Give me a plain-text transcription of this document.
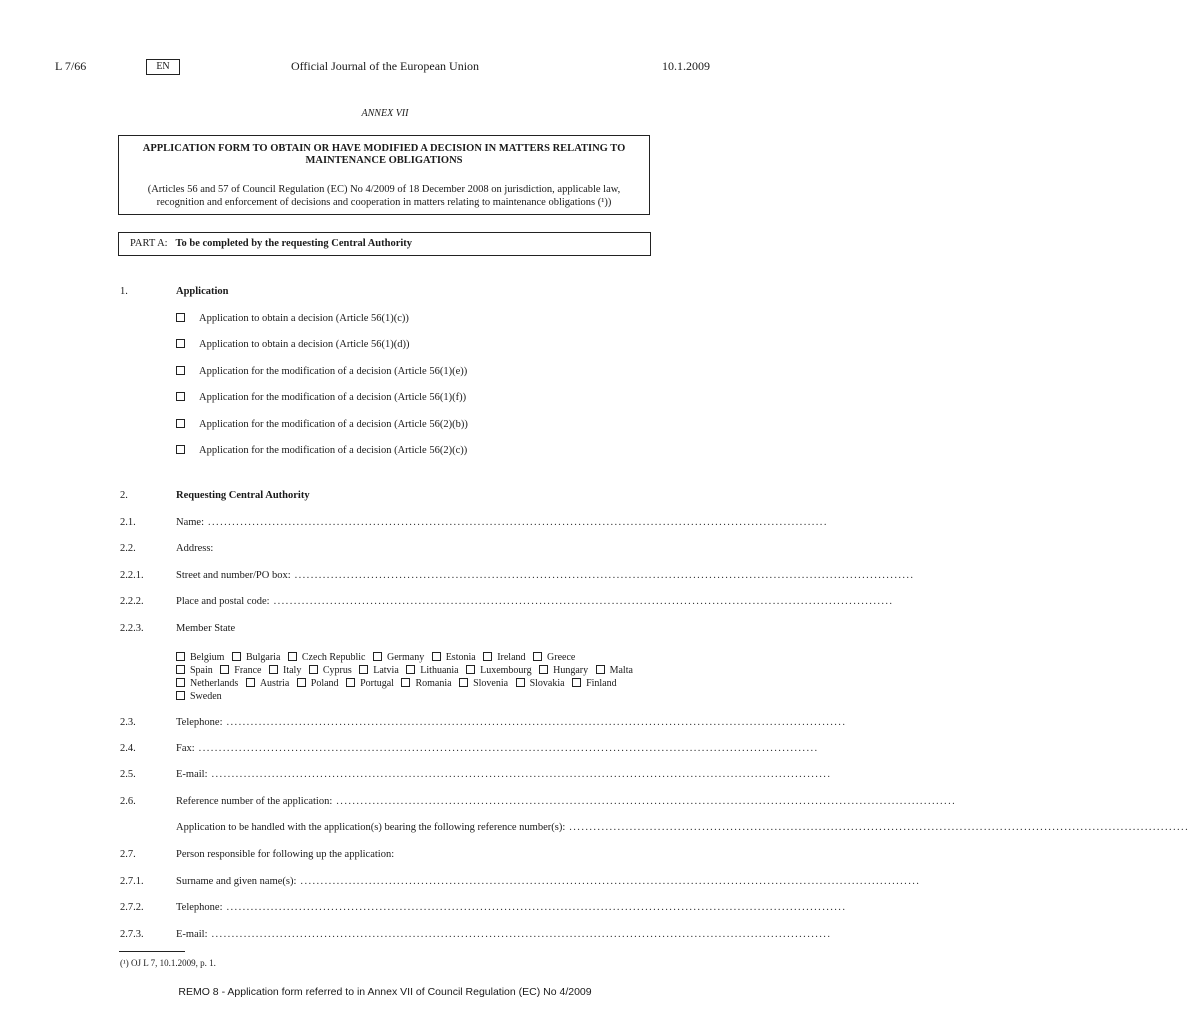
L 7/66	EN	Official Journal of the European Union	10.1.2009
ANNEX VII
APPLICATION FORM TO OBTAIN OR HAVE MODIFIED A DECISION IN MATTERS RELATING TO
MAINTENANCE OBLIGATIONS
(Articles 56 and 57 of Council Regulation (EC) No 4/2009 of 18 December 2008 on jurisdiction, applicable law,
recognition and enforcement of decisions and cooperation in matters relating to maintenance obligations (¹))
PART A: To be completed by the requesting Central Authority
1.	Application
Application to obtain a decision (Article 56(1)(c))
Application to obtain a decision (Article 56(1)(d))
Application for the modification of a decision (Article 56(1)(e))
Application for the modification of a decision (Article 56(1)(f))
Application for the modification of a decision (Article 56(2)(b))
Application for the modification of a decision (Article 56(2)(c))
2.	Requesting Central Authority
2.1.	Name: ..........................................................................................................................................................
2.2.	Address:
2.2.1.	Street and number/PO box: ..........................................................................................................................................................
2.2.2.	Place and postal code: ..........................................................................................................................................................
2.2.3.	Member State
Belgium Bulgaria Czech Republic Germany Estonia Ireland Greece
Spain France Italy Cyprus Latvia Lithuania Luxembourg Hungary Malta
Netherlands Austria Poland Portugal Romania Slovenia Slovakia Finland
Sweden
2.3.	Telephone: ..........................................................................................................................................................
2.4.	Fax: ..........................................................................................................................................................
2.5.	E-mail: ..........................................................................................................................................................
2.6.	Reference number of the application: ..........................................................................................................................................................
Application to be handled with the application(s) bearing the following reference number(s): ..........................................................................................................................................................
2.7.	Person responsible for following up the application:
2.7.1.	Surname and given name(s): ..........................................................................................................................................................
2.7.2.	Telephone: ..........................................................................................................................................................
2.7.3.	E-mail: ..........................................................................................................................................................
(¹) OJ L 7, 10.1.2009, p. 1.
REMO 8 - Application form referred to in Annex VII of Council Regulation (EC) No 4/2009
